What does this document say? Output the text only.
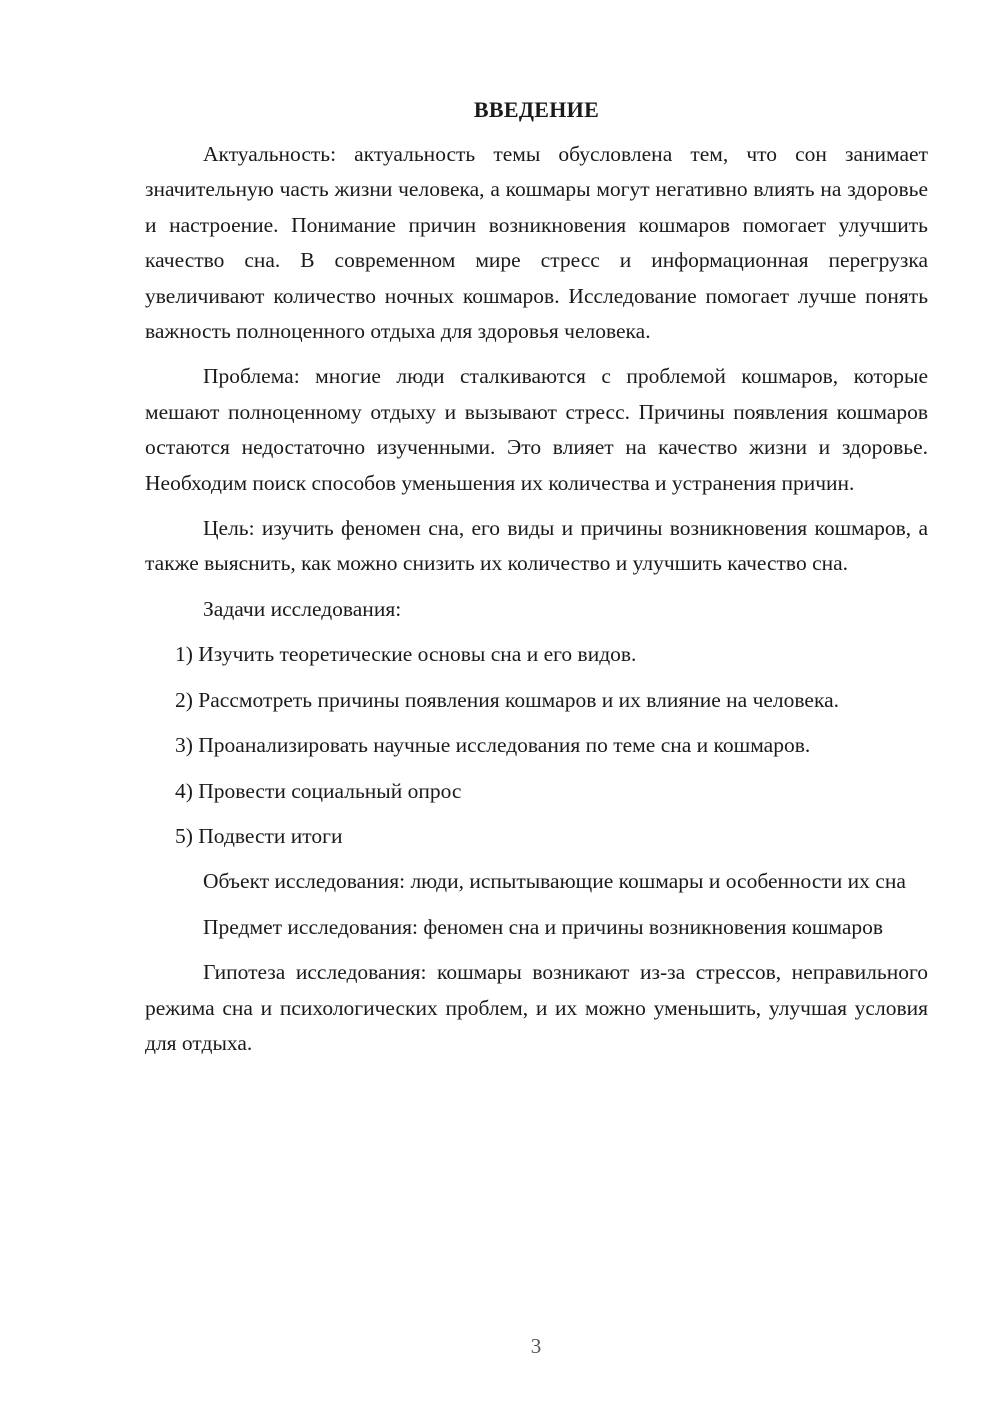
ВВЕДЕНИЕ

Актуальность: актуальность темы обусловлена тем, что сон занимает значительную часть жизни человека, а кошмары могут негативно влиять на здоровье и настроение. Понимание причин возникновения кошмаров помогает улучшить качество сна. В современном мире стресс и информационная перегрузка увеличивают количество ночных кошмаров. Исследование помогает лучше понять важность полноценного отдыха для здоровья человека.

Проблема: многие люди сталкиваются с проблемой кошмаров, которые мешают полноценному отдыху и вызывают стресс. Причины появления кошмаров остаются недостаточно изученными. Это влияет на качество жизни и здоровье. Необходим поиск способов уменьшения их количества и устранения причин.

Цель: изучить феномен сна, его виды и причины возникновения кошмаров, а также выяснить, как можно снизить их количество и улучшить качество сна.

Задачи исследования:

1) Изучить теоретические основы сна и его видов.

2) Рассмотреть причины появления кошмаров и их влияние на человека.

3) Проанализировать научные исследования по теме сна и кошмаров.

4) Провести социальный опрос

5) Подвести итоги

Объект исследования: люди, испытывающие кошмары и особенности их сна

Предмет исследования: феномен сна и причины возникновения кошмаров

Гипотеза исследования: кошмары возникают из-за стрессов, неправильного режима сна и психологических проблем, и их можно уменьшить, улучшая условия для отдыха.

3
